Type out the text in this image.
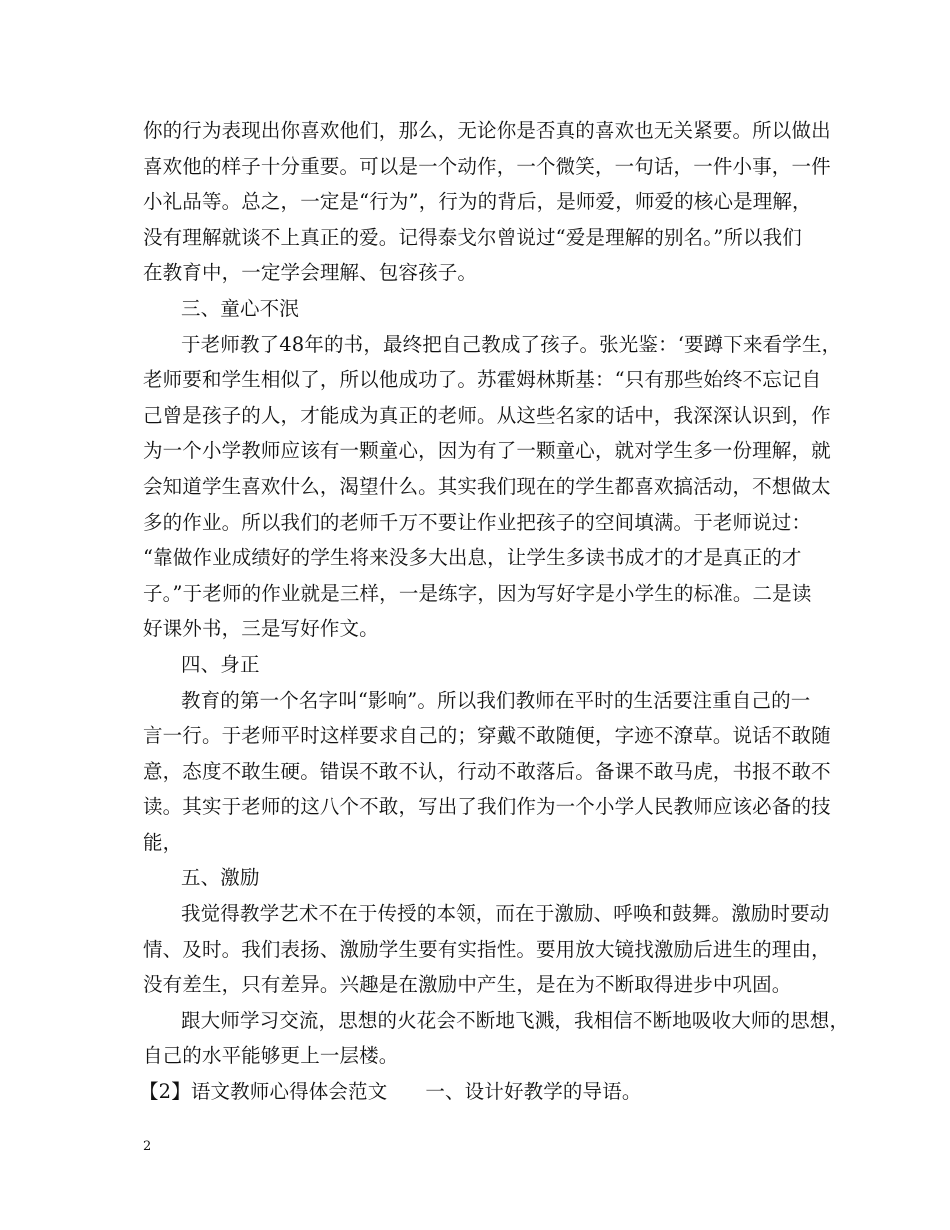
你的行为表现出你喜欢他们，那么，无论你是否真的喜欢也无关紧要。所以做出
喜欢他的样子十分重要。可以是一个动作，一个微笑，一句话，一件小事，一件
小礼品等。总之，一定是“行为”，行为的背后，是师爱，师爱的核心是理解，
没有理解就谈不上真正的爱。记得泰戈尔曾说过“爱是理解的别名。”所以我们
在教育中，一定学会理解、包容孩子。
三、童心不泯
于老师教了48年的书，最终把自己教成了孩子。张光鉴：‘要蹲下来看学生，
老师要和学生相似了，所以他成功了。苏霍姆林斯基：“只有那些始终不忘记自
己曾是孩子的人，才能成为真正的老师。从这些名家的话中，我深深认识到，作
为一个小学教师应该有一颗童心，因为有了一颗童心，就对学生多一份理解，就
会知道学生喜欢什么，渴望什么。其实我们现在的学生都喜欢搞活动，不想做太
多的作业。所以我们的老师千万不要让作业把孩子的空间填满。于老师说过：
“靠做作业成绩好的学生将来没多大出息，让学生多读书成才的才是真正的才
子。”于老师的作业就是三样，一是练字，因为写好字是小学生的标准。二是读
好课外书，三是写好作文。
四、身正
教育的第一个名字叫“影响”。所以我们教师在平时的生活要注重自己的一
言一行。于老师平时这样要求自己的；穿戴不敢随便，字迹不潦草。说话不敢随
意，态度不敢生硬。错误不敢不认，行动不敢落后。备课不敢马虎，书报不敢不
读。其实于老师的这八个不敢，写出了我们作为一个小学人民教师应该必备的技
能，
五、激励
我觉得教学艺术不在于传授的本领，而在于激励、呼唤和鼓舞。激励时要动
情、及时。我们表扬、激励学生要有实指性。要用放大镜找激励后进生的理由，
没有差生，只有差异。兴趣是在激励中产生，是在为不断取得进步中巩固。
跟大师学习交流，思想的火花会不断地飞溅，我相信不断地吸收大师的思想，
自己的水平能够更上一层楼。
【2】语文教师心得体会范文 一、设计好教学的导语。
2
